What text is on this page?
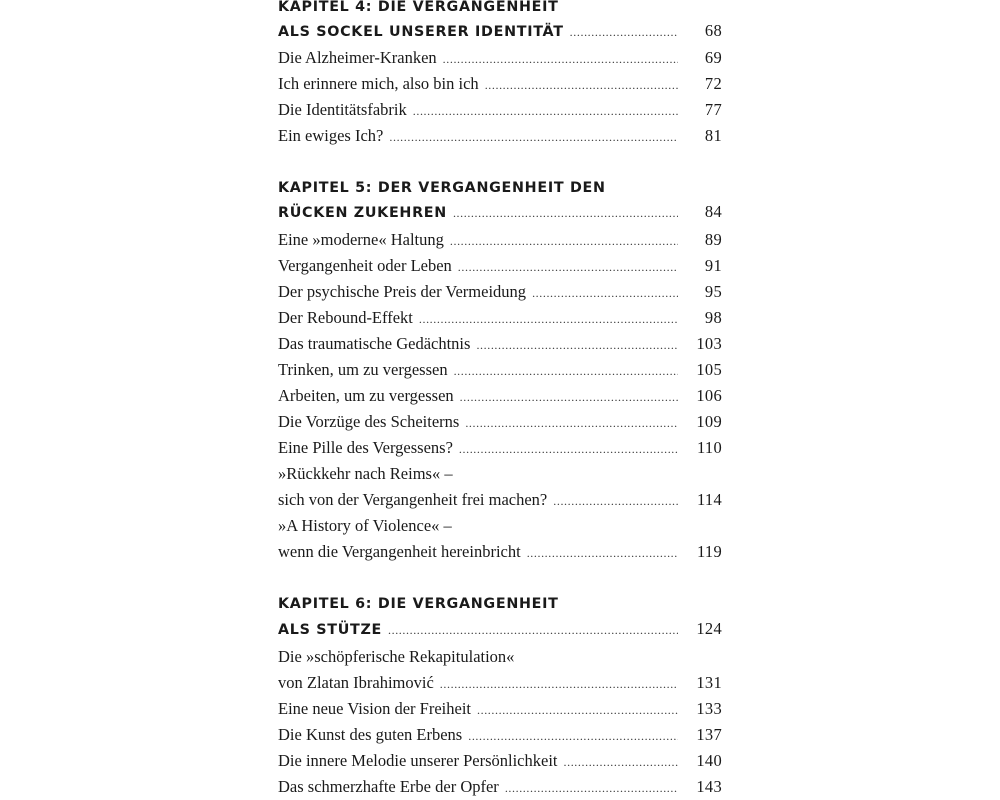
KAPITEL 4: DIE VERGANGENHEIT
ALS SOCKEL UNSERER IDENTITÄT .....	68
Die Alzheimer-Kranken .....	69
Ich erinnere mich, also bin ich .....	72
Die Identitätsfabrik .....	77
Ein ewiges Ich? .....	81
KAPITEL 5: DER VERGANGENHEIT DEN
RÜCKEN ZUKEHREN .....	84
Eine »moderne« Haltung .....	89
Vergangenheit oder Leben .....	91
Der psychische Preis der Vermeidung .....	95
Der Rebound-Effekt .....	98
Das traumatische Gedächtnis .....	103
Trinken, um zu vergessen .....	105
Arbeiten, um zu vergessen .....	106
Die Vorzüge des Scheiterns .....	109
Eine Pille des Vergessens? .....	110
»Rückkehr nach Reims« –
sich von der Vergangenheit frei machen? .....	114
»A History of Violence« –
wenn die Vergangenheit hereinbricht .....	119
KAPITEL 6: DIE VERGANGENHEIT
ALS STÜTZE .....	124
Die »schöpferische Rekapitulation«
von Zlatan Ibrahimović .....	131
Eine neue Vision der Freiheit .....	133
Die Kunst des guten Erbens .....	137
Die innere Melodie unserer Persönlichkeit .....	140
Das schmerzhafte Erbe der Opfer .....	143
